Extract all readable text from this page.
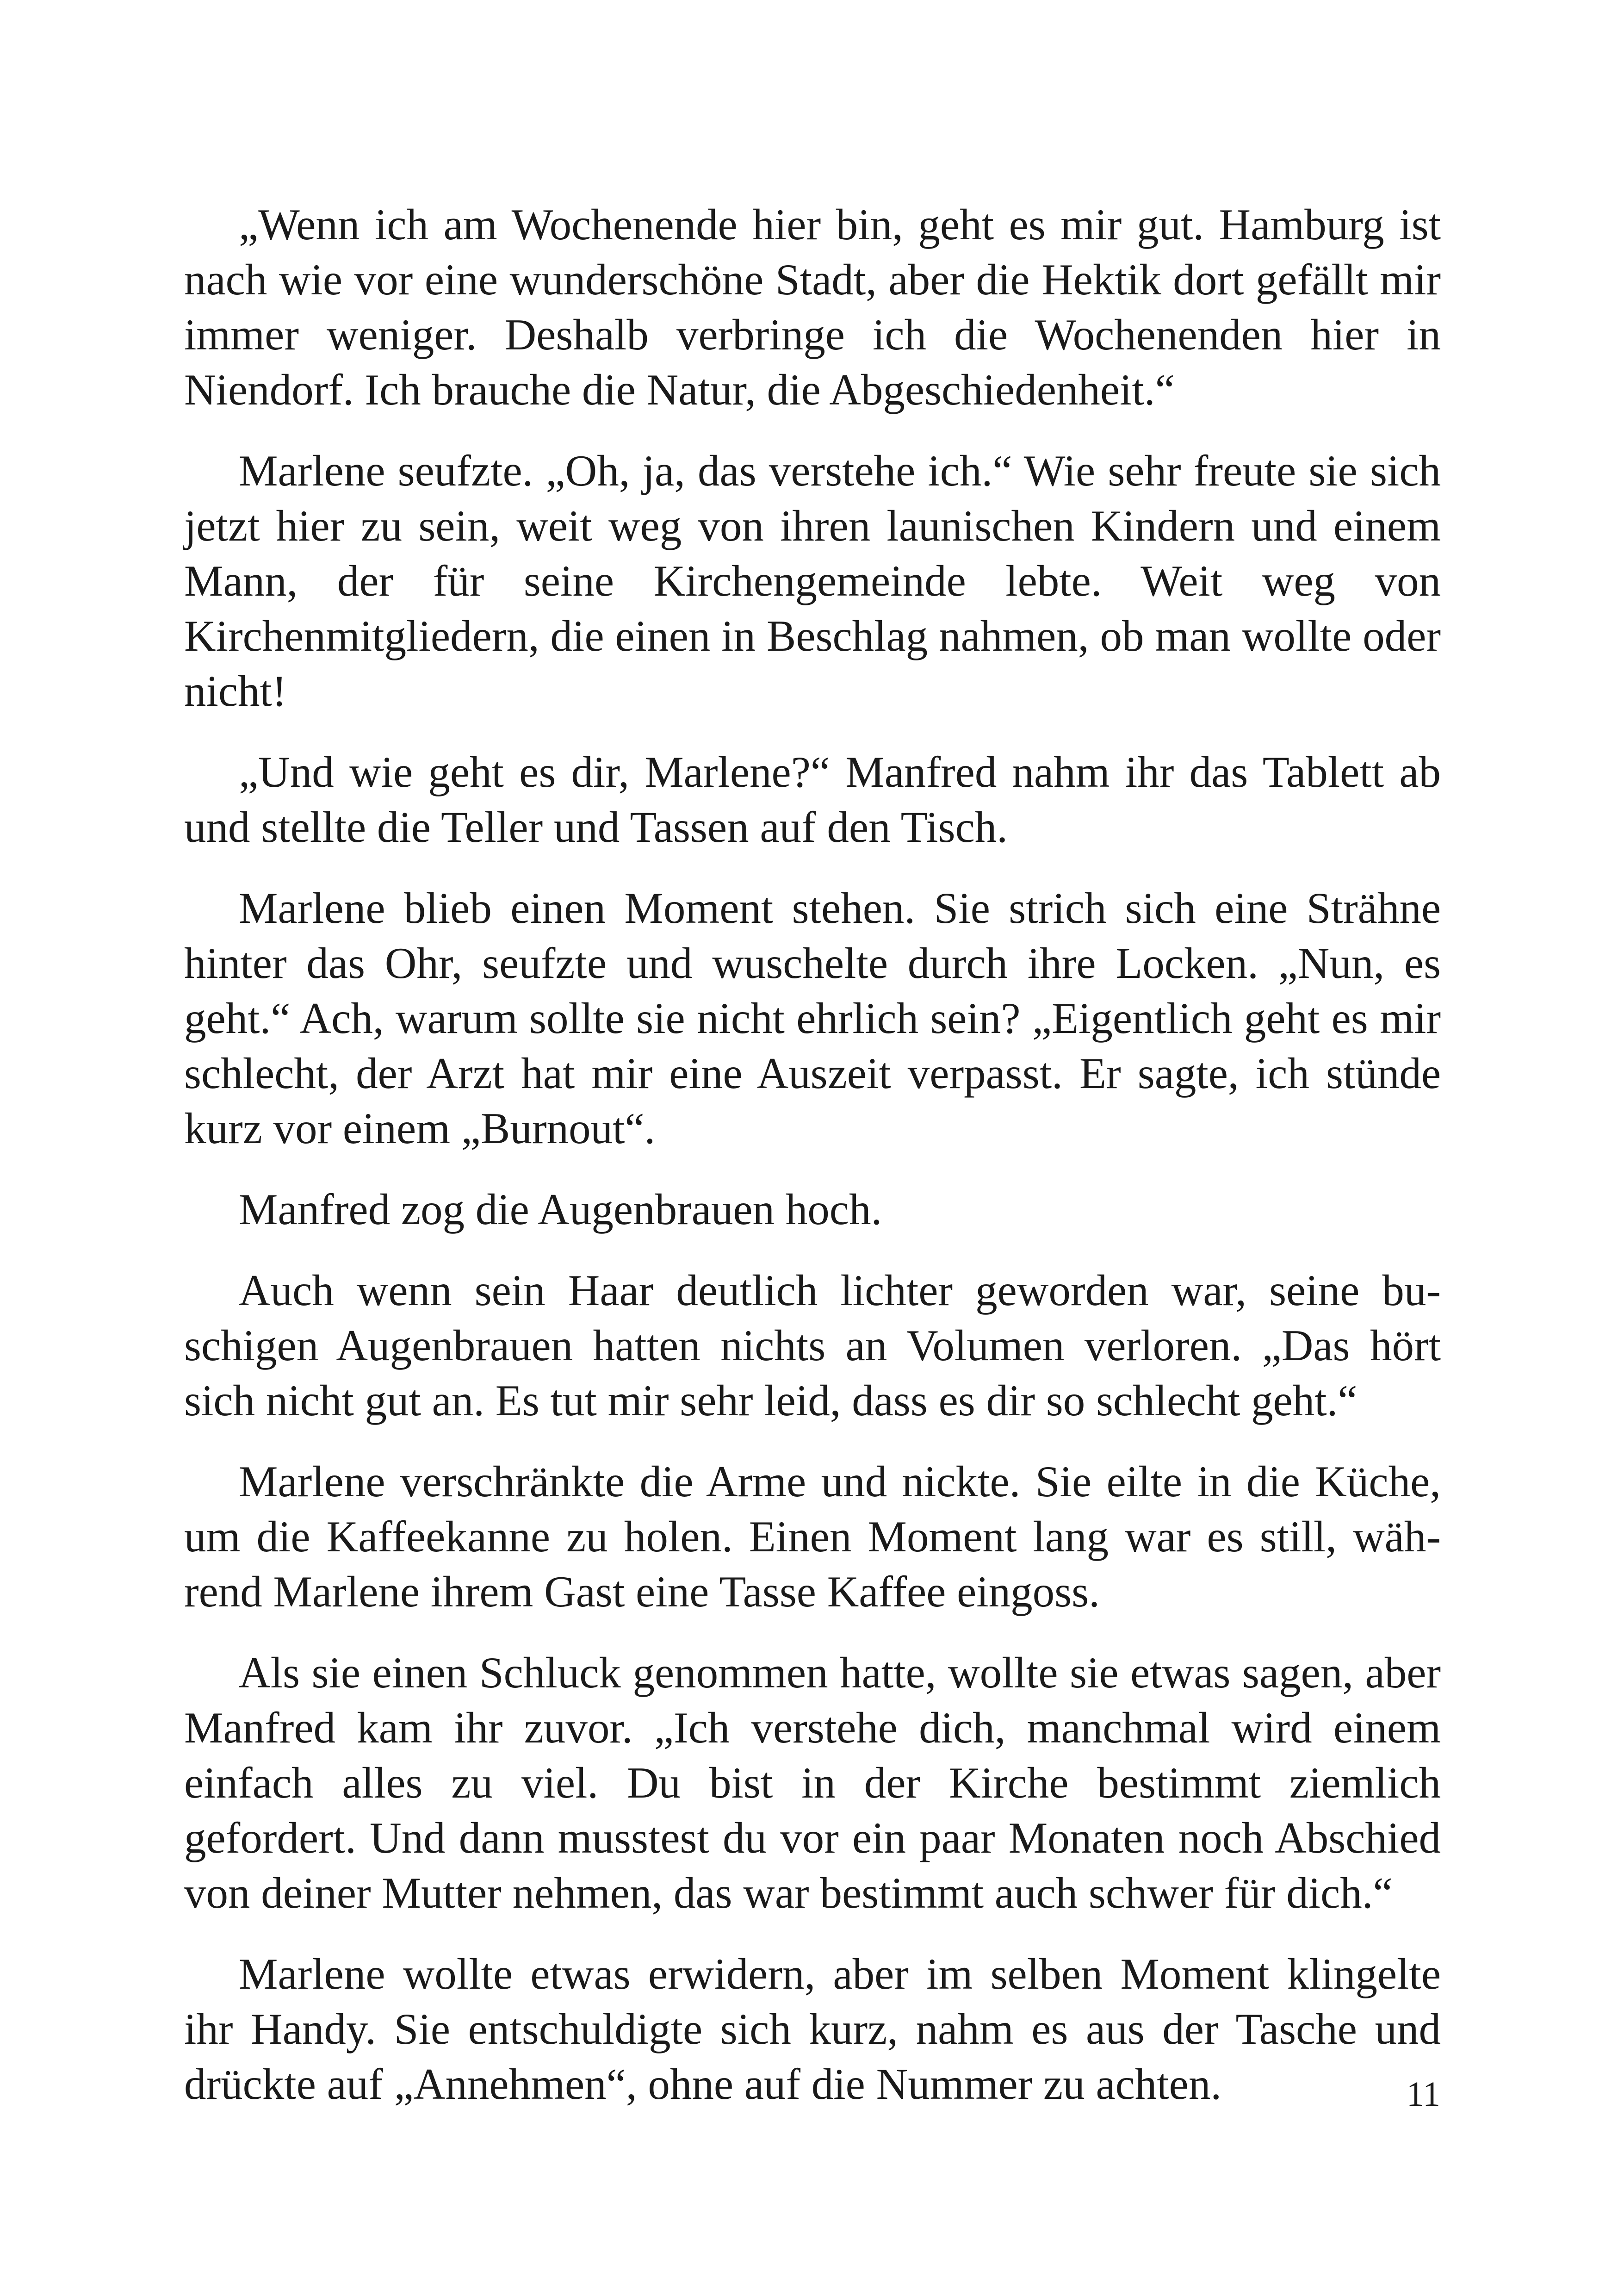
„Wenn ich am Wochenende hier bin, geht es mir gut. Hamburg ist nach wie vor eine wunderschöne Stadt, aber die Hektik dort gefällt mir immer weniger. Deshalb verbringe ich die Wochenenden hier in Niendorf. Ich brauche die Natur, die Abgeschiedenheit.“

Marlene seufzte. „Oh, ja, das verstehe ich.“ Wie sehr freute sie sich jetzt hier zu sein, weit weg von ihren launischen Kindern und einem Mann, der für seine Kirchengemeinde lebte. Weit weg von Kirchenmitgliedern, die einen in Beschlag nahmen, ob man wollte oder nicht!

„Und wie geht es dir, Marlene?“ Manfred nahm ihr das Tablett ab und stellte die Teller und Tassen auf den Tisch.

Marlene blieb einen Moment stehen. Sie strich sich eine Strähne hinter das Ohr, seufzte und wuschelte durch ihre Locken. „Nun, es geht.“ Ach, warum sollte sie nicht ehrlich sein? „Eigentlich geht es mir schlecht, der Arzt hat mir eine Auszeit verpasst. Er sagte, ich stünde kurz vor einem „Burnout“.

Manfred zog die Augenbrauen hoch.

Auch wenn sein Haar deutlich lichter geworden war, seine buschigen Augenbrauen hatten nichts an Volumen verloren. „Das hört sich nicht gut an. Es tut mir sehr leid, dass es dir so schlecht geht.“

Marlene verschränkte die Arme und nickte. Sie eilte in die Küche, um die Kaffeekanne zu holen. Einen Moment lang war es still, während Marlene ihrem Gast eine Tasse Kaffee eingoss.

Als sie einen Schluck genommen hatte, wollte sie etwas sagen, aber Manfred kam ihr zuvor. „Ich verstehe dich, manchmal wird einem einfach alles zu viel. Du bist in der Kirche bestimmt ziemlich gefordert. Und dann musstest du vor ein paar Monaten noch Abschied von deiner Mutter nehmen, das war bestimmt auch schwer für dich.“

Marlene wollte etwas erwidern, aber im selben Moment klingelte ihr Handy. Sie entschuldigte sich kurz, nahm es aus der Tasche und drückte auf „Annehmen“, ohne auf die Nummer zu achten.	11
